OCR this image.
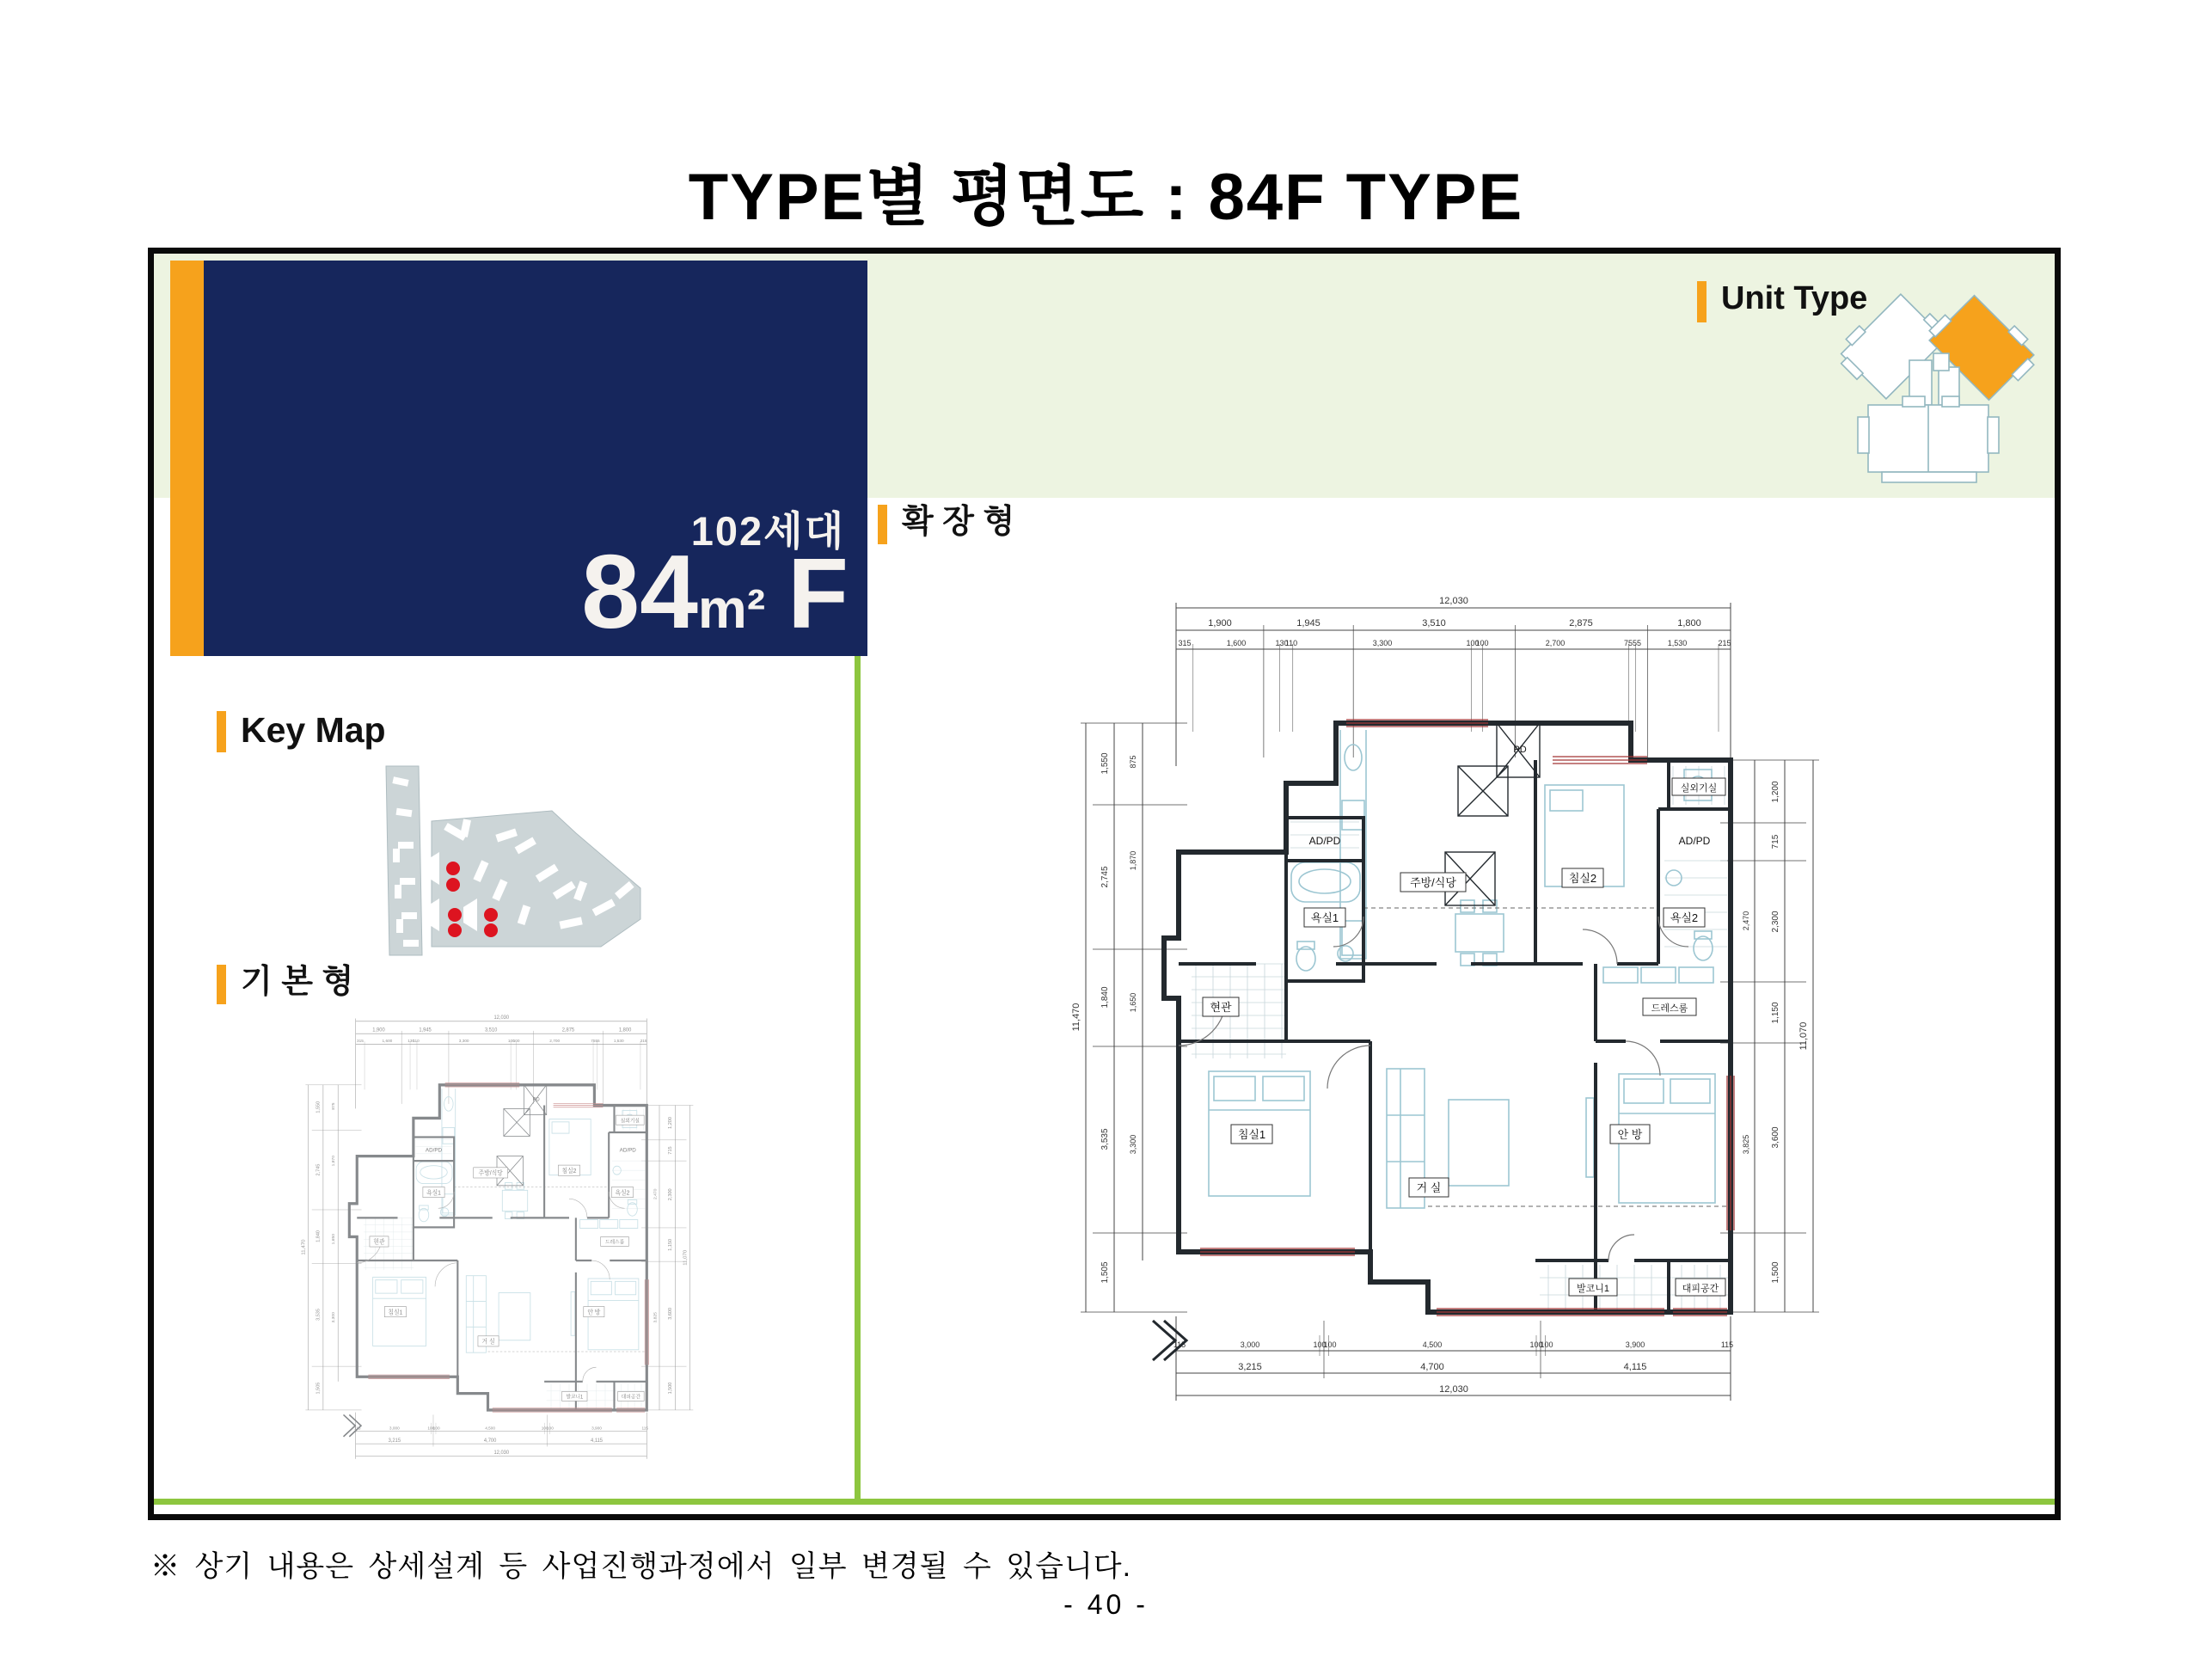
TYPE별 평면도 : 84F TYPE
102세대
84m² F
Unit Type
확 장 형
Key Map
기 본 형
12,030
1,900	1,945	3,510	2,875	1,800
315	1,600	130
110	3,300	100
100	2,700	75 55	1,530	215
115	3,000	100
100	4,500	100
100	3,900	115
3,215	4,700	4,115
12,030
11,470
1,550
2,745
1,840
3,535
1,505
875
1,870
1,650
3,300
11,070
1,200
715
2,300
1,150
3,600
1,500
2,470
3,825
주방/식당	침실2
욕실1	욕실2
실외기실
현관	드레스룸
침실1
거 실
안 방
발코니1	대피공간
AD/PD	AD/PD
PD
※ 상기 내용은 상세설계 등 사업진행과정에서 일부 변경될 수 있습니다.
- 40 -
